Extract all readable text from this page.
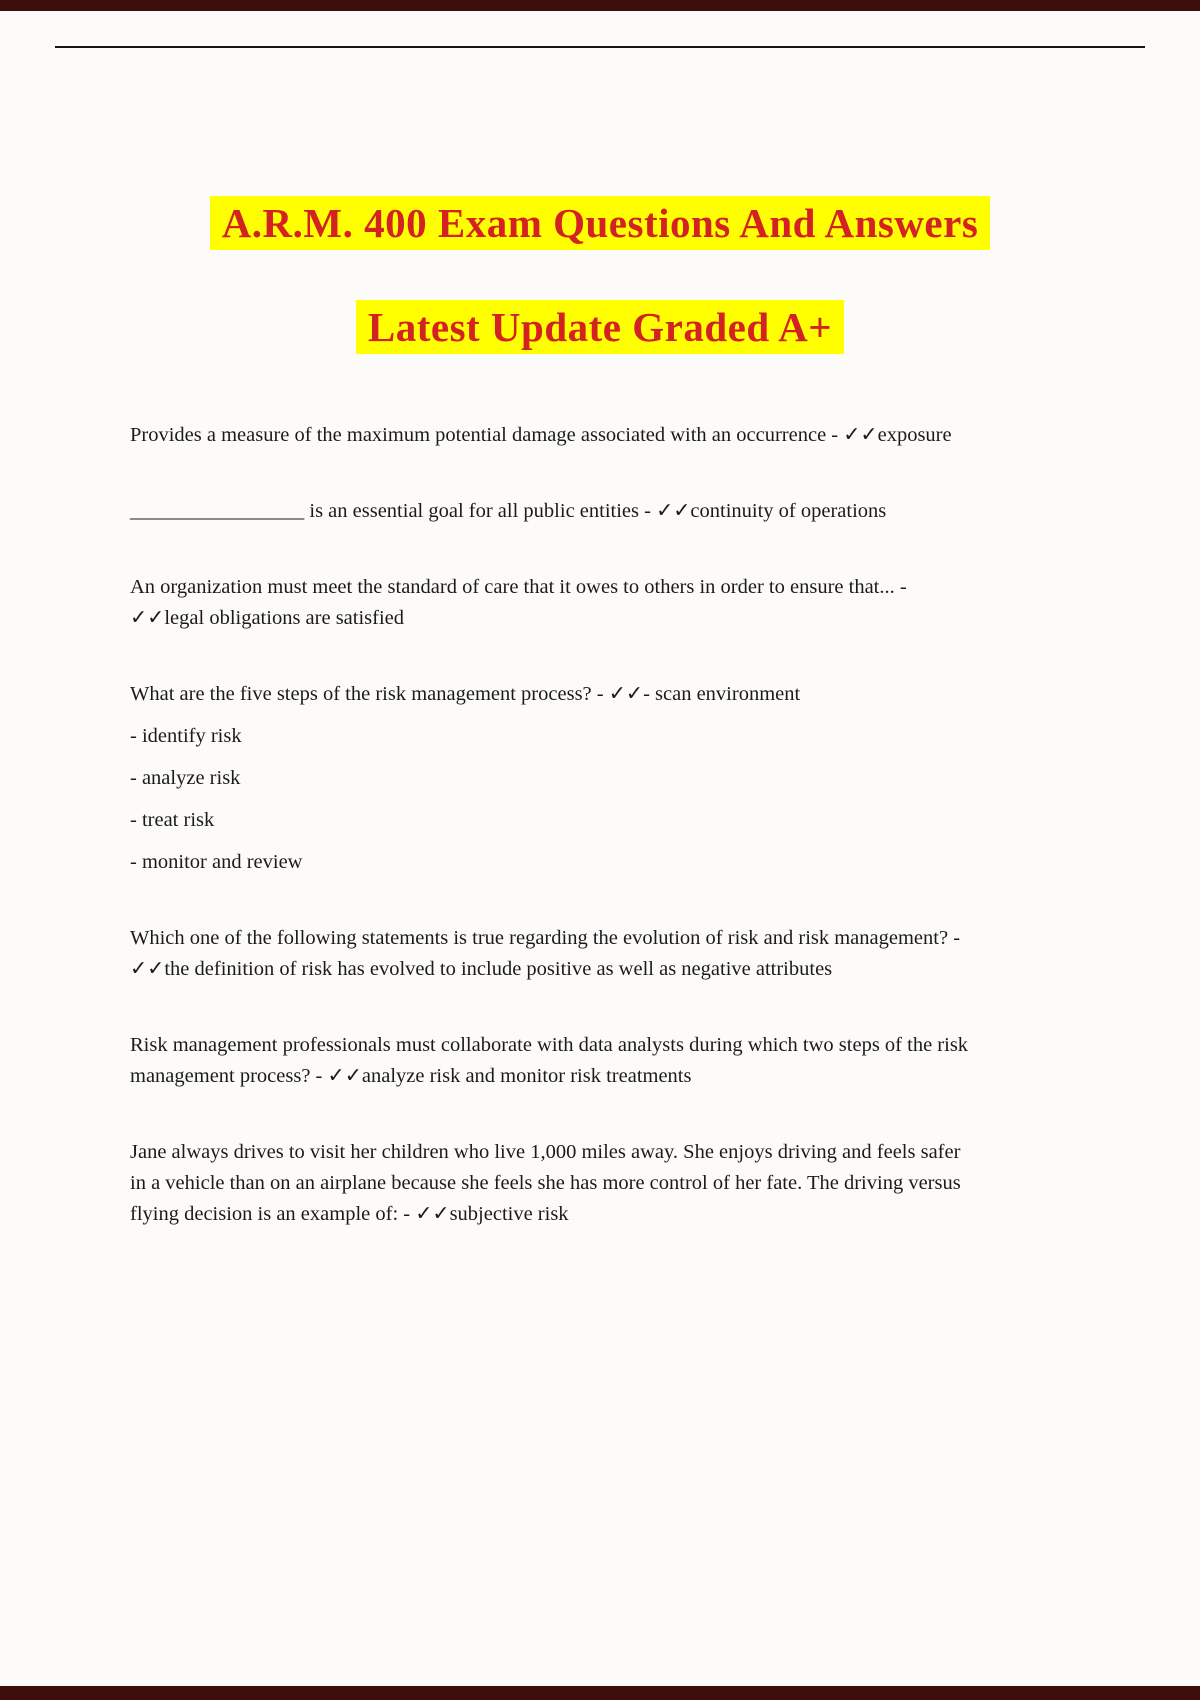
A.R.M. 400 Exam Questions And Answers
Latest Update Graded A+

Provides a measure of the maximum potential damage associated with an occurrence - ✓✓exposure

_________________ is an essential goal for all public entities - ✓✓continuity of operations

An organization must meet the standard of care that it owes to others in order to ensure that... - ✓✓legal obligations are satisfied

What are the five steps of the risk management process? - ✓✓- scan environment

- identify risk

- analyze risk

- treat risk

- monitor and review

Which one of the following statements is true regarding the evolution of risk and risk management? - ✓✓the definition of risk has evolved to include positive as well as negative attributes

Risk management professionals must collaborate with data analysts during which two steps of the risk management process? - ✓✓analyze risk and monitor risk treatments

Jane always drives to visit her children who live 1,000 miles away. She enjoys driving and feels safer in a vehicle than on an airplane because she feels she has more control of her fate. The driving versus flying decision is an example of: - ✓✓subjective risk
